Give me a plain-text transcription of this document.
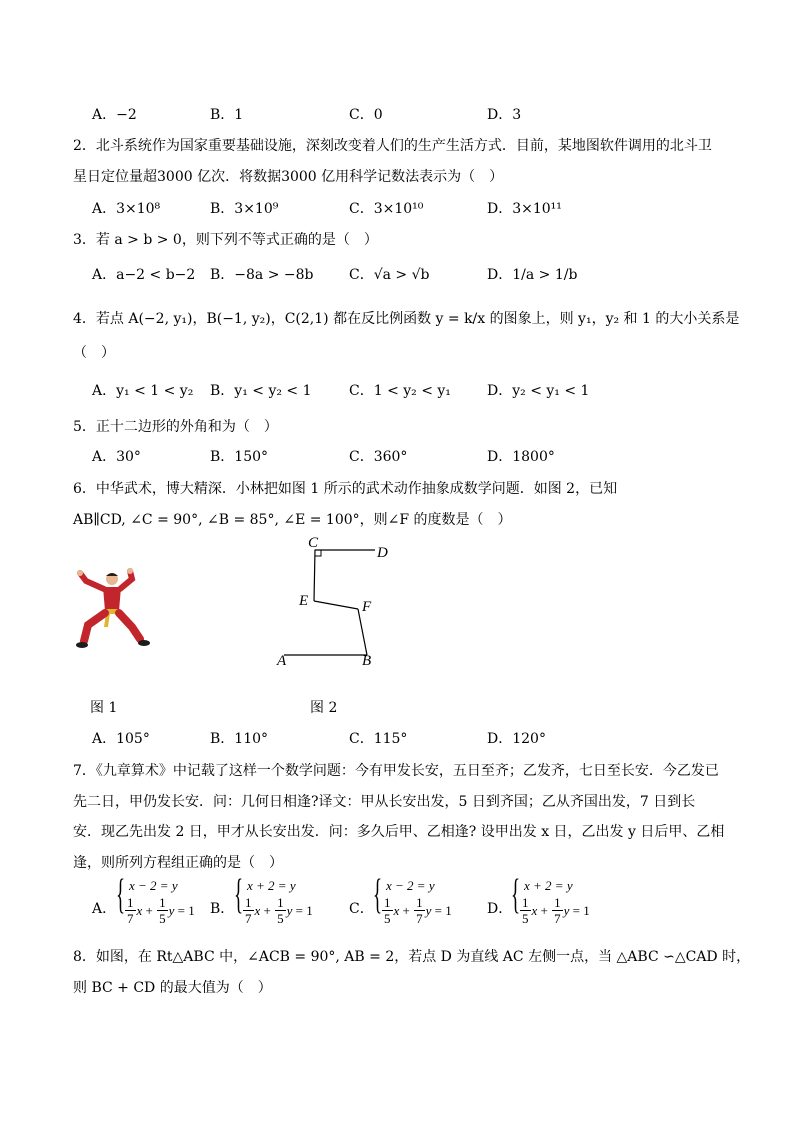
A．−2	B．1	C．0	D．3
2．北斗系统作为国家重要基础设施，深刻改变着人们的生产生活方式．目前，某地图软件调用的北斗卫
星日定位量超3000 亿次．将数据3000 亿用科学记数法表示为（　）
A．3×10⁸	B．3×10⁹	C．3×10¹⁰	D．3×10¹¹
3．若 a > b > 0，则下列不等式正确的是（　）
A．a−2 < b−2 B．−8a > −8b	C．√a > √b	D．1/a > 1/b
4．若点 A(−2, y₁)，B(−1, y₂)，C(2,1) 都在反比例函数 y = k/x 的图象上，则 y₁，y₂ 和 1 的大小关系是
（　）
A．y₁ < 1 < y₂ B．y₁ < y₂ < 1	C．1 < y₂ < y₁	D．y₂ < y₁ < 1
5．正十二边形的外角和为（　）
A．30°	B．150°	C．360°	D．1800°
6．中华武术，博大精深．小林把如图 1 所示的武术动作抽象成数学问题．如图 2，已知
AB∥CD, ∠C = 90°, ∠B = 85°, ∠E = 100°，则∠F 的度数是（　）
C
D
E	F
A	B
图 1	图 2
A．105°	B．110°	C．115°	D．120°
7．《九章算术》中记载了这样一个数学问题：今有甲发长安，五日至齐；乙发齐，七日至长安．今乙发已
先二日，甲仍发长安．问：几何日相逢?译文：甲从长安出发，5 日到齐国；乙从齐国出发，7 日到长
安．现乙先出发 2 日，甲才从长安出发．问：多久后甲、乙相逢? 设甲出发 x 日，乙出发 y 日后甲、乙相
逢，则所列方程组正确的是（　）
A． { x − 2 = y
$\frac{1}{7}$ $x + \frac{1}{5}$ y = 1 B． { x + 2 = y
$\frac{1}{7}$ $x + \frac{1}{5}$ y = 1	C． { x − 2 = y
$\frac{1}{5}$ $x + \frac{1}{7}$ y = 1	D．
{ x + 2 = y
$\frac{1}{5}$ $x + \frac{1}{7}$ y = 1
8．如图，在 Rt△ABC 中，∠ACB = 90°, AB = 2，若点 D 为直线 AC 左侧一点，当 △ABC ∽△CAD 时，
则 BC + CD 的最大值为（　）
